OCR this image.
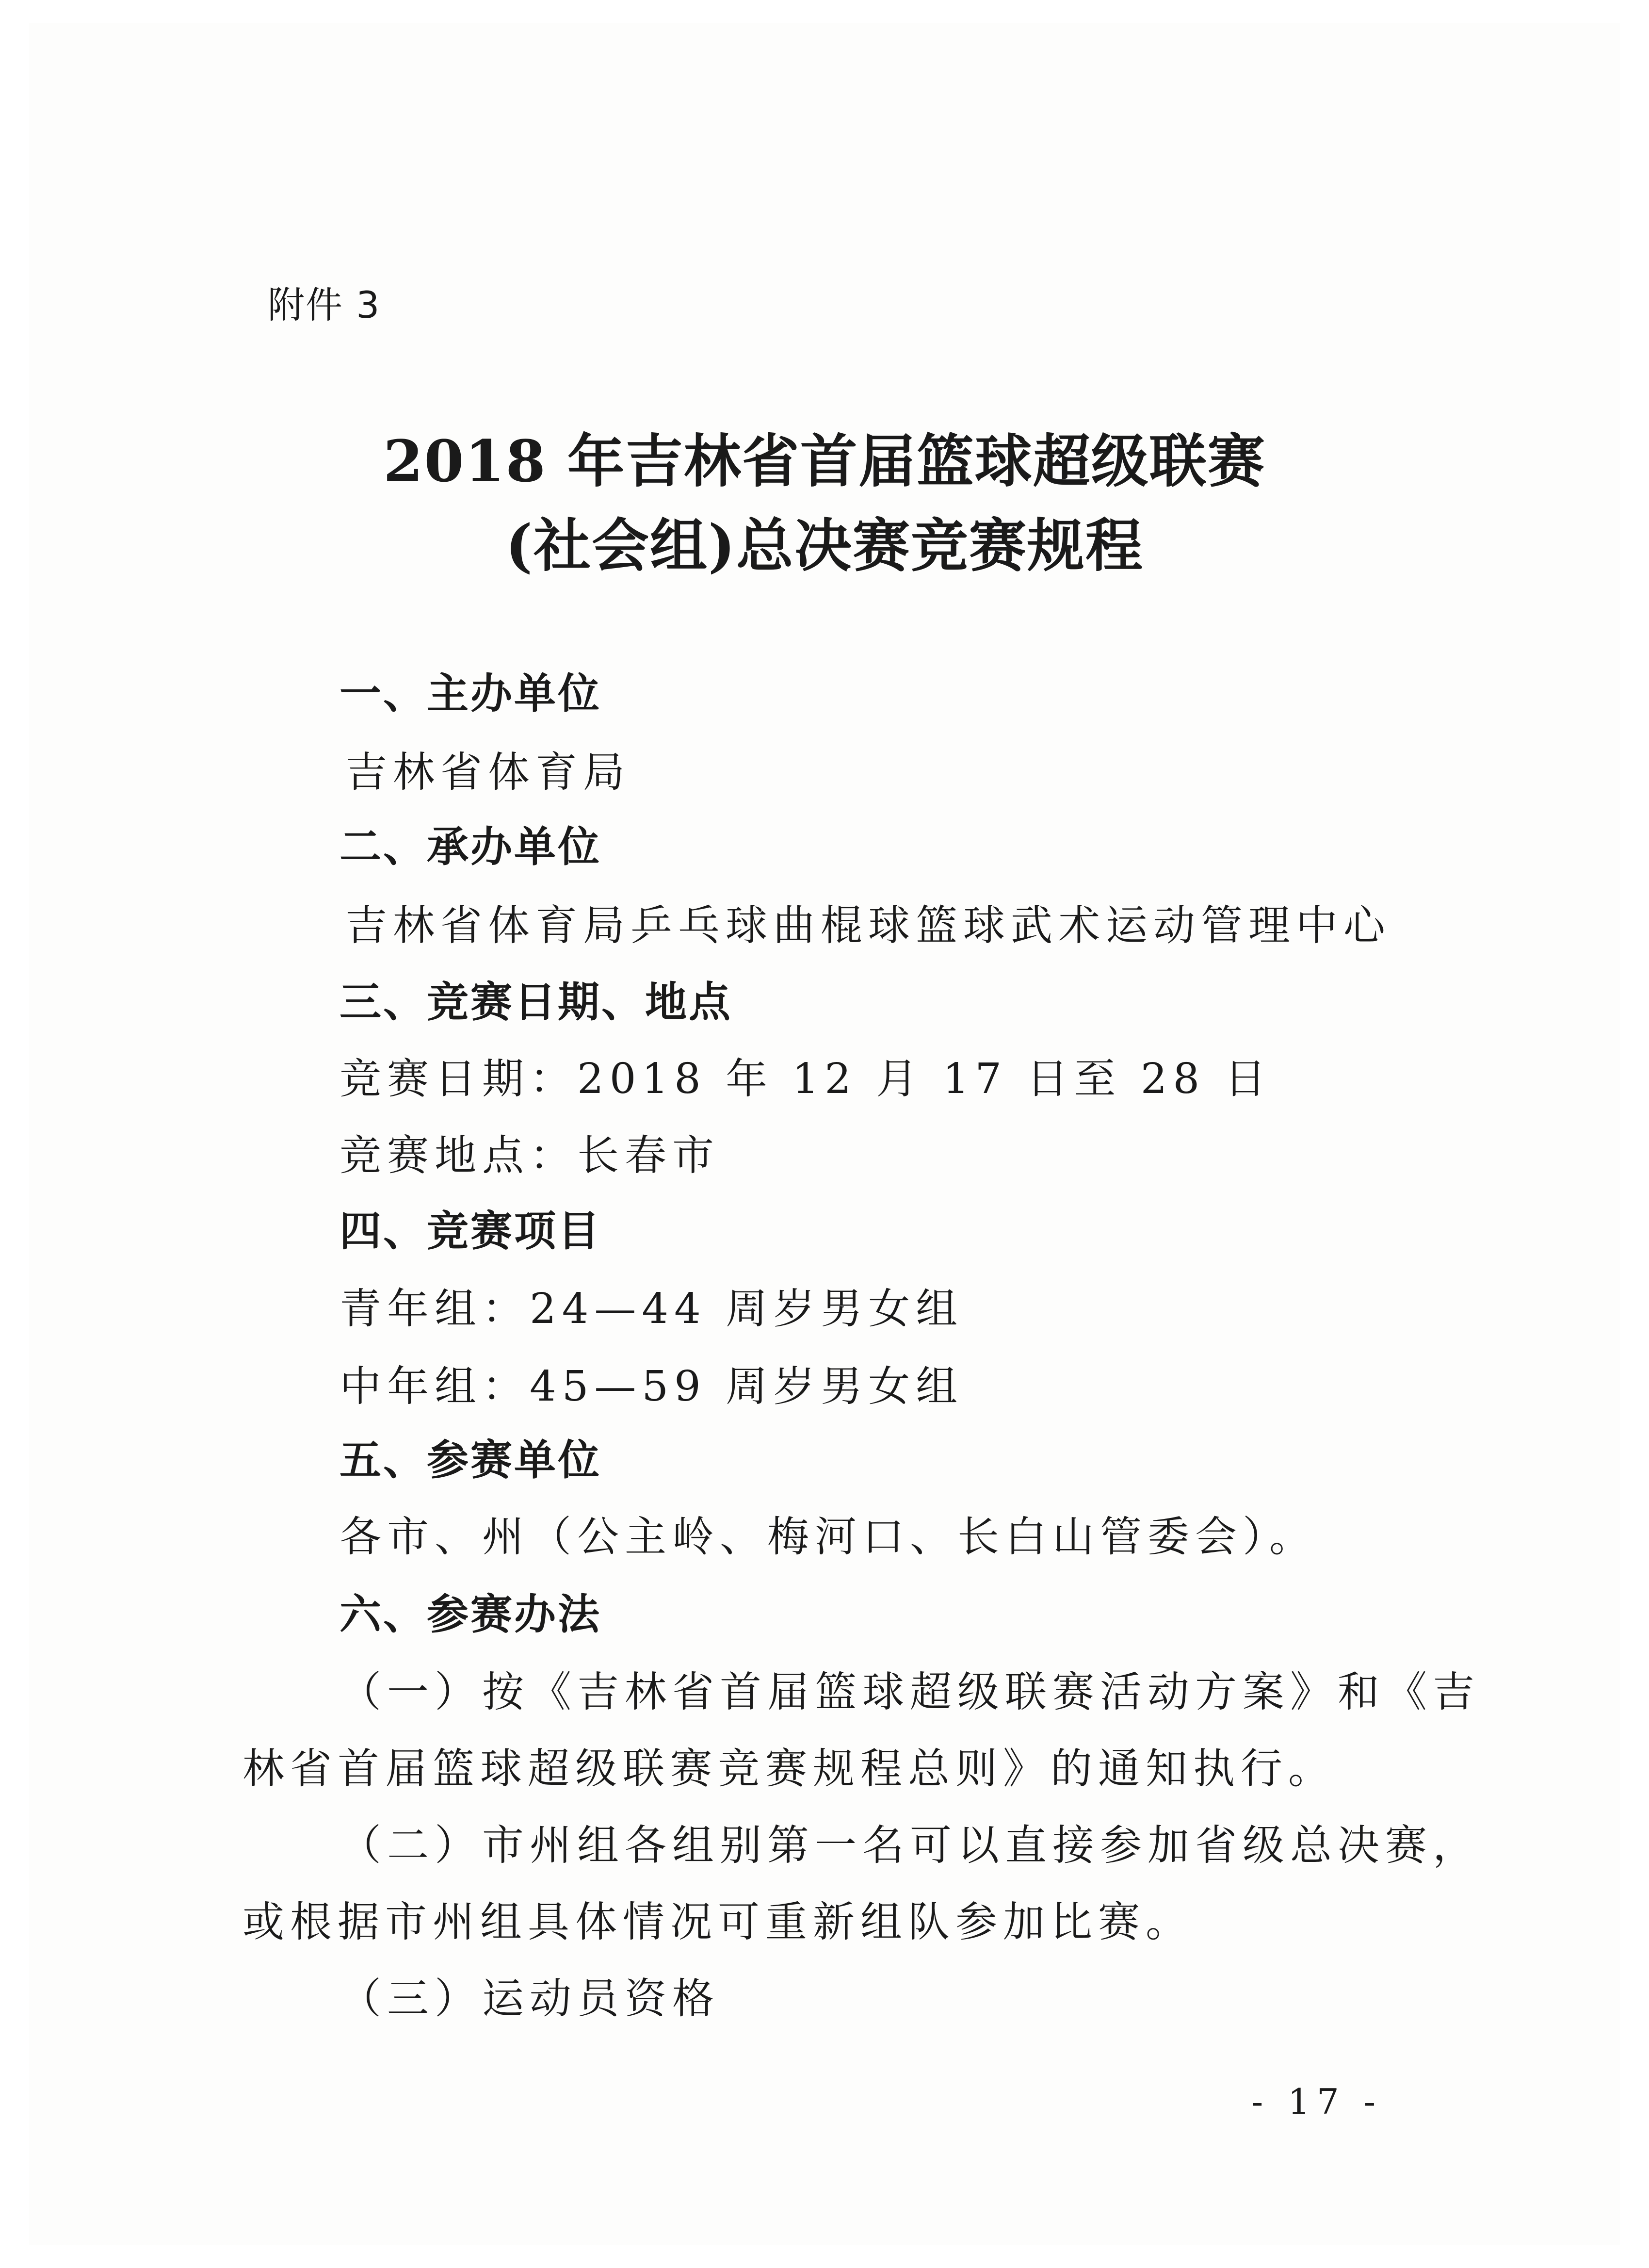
附件 3
2018 年吉林省首届篮球超级联赛
(社会组)总决赛竞赛规程
一、主办单位
吉林省体育局
二、承办单位
吉林省体育局乒乓球曲棍球篮球武术运动管理中心
三、竞赛日期、地点
竞赛日期：2018 年 12 月 17 日至 28 日
竞赛地点：长春市
四、竞赛项目
青年组：24—44 周岁男女组
中年组：45—59 周岁男女组
五、参赛单位
各市、州（公主岭、梅河口、长白山管委会）。
六、参赛办法
（一）按《吉林省首届篮球超级联赛活动方案》和《吉
林省首届篮球超级联赛竞赛规程总则》的通知执行。
（二）市州组各组别第一名可以直接参加省级总决赛，
或根据市州组具体情况可重新组队参加比赛。
（三）运动员资格
- 17 -
